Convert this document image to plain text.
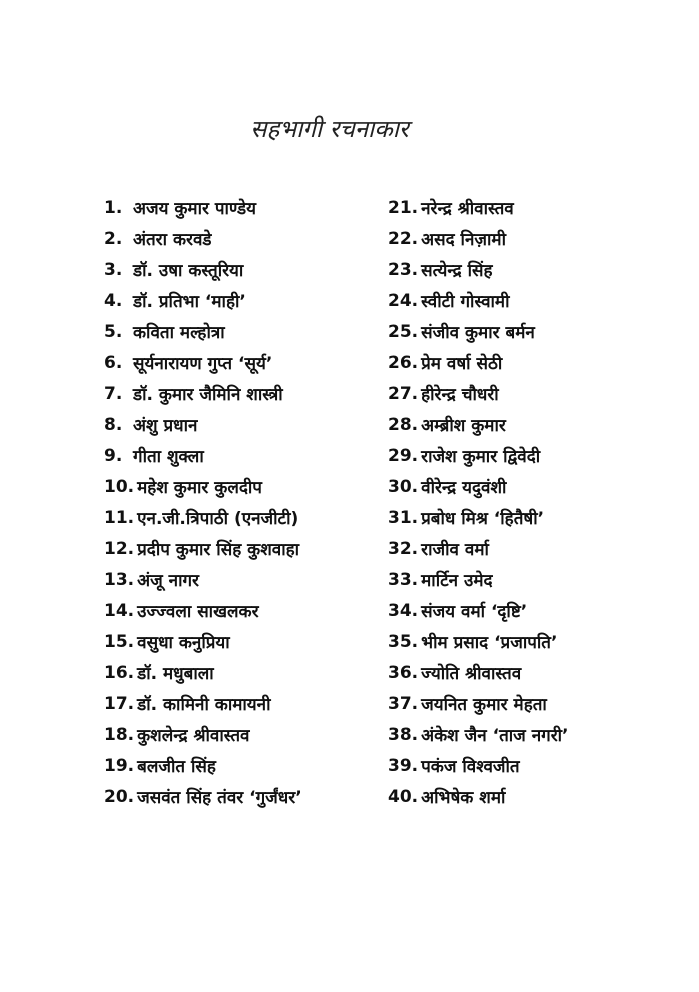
सहभागी रचनाकार
1. अजय कुमार पाण्डेय
2. अंतरा करवडे
3. डॉ. उषा कस्तूरिया
4. डॉ. प्रतिभा ‘माही’
5. कविता मल्होत्रा
6. सूर्यनारायण गुप्त ‘सूर्य’
7. डॉ. कुमार जैमिनि शास्त्री
8. अंशु प्रधान
9. गीता शुक्ला
10. महेश कुमार कुलदीप
11. एन.जी.त्रिपाठी (एनजीटी)
12. प्रदीप कुमार सिंह कुशवाहा
13. अंजू नागर
14. उज्ज्वला साखलकर
15. वसुधा कनुप्रिया
16. डॉ. मधुबाला
17. डॉ. कामिनी कामायनी
18. कुशलेन्द्र श्रीवास्तव
19. बलजीत सिंह
20. जसवंत सिंह तंवर ‘गुर्जंधर’
21. नरेन्द्र श्रीवास्तव
22. असद निज़ामी
23. सत्येन्द्र सिंह
24. स्वीटी गोस्वामी
25. संजीव कुमार बर्मन
26. प्रेम वर्षा सेठी
27. हीरेन्द्र चौधरी
28. अम्ब्रीश कुमार
29. राजेश कुमार द्विवेदी
30. वीरेन्द्र यदुवंशी
31. प्रबोध मिश्र ‘हितैषी’
32. राजीव वर्मा
33. मार्टिन उमेद
34. संजय वर्मा ‘दृष्टि’
35. भीम प्रसाद ‘प्रजापति’
36. ज्योति श्रीवास्तव
37. जयनित कुमार मेहता
38. अंकेश जैन ‘ताज नगरी’
39. पकंज विश्वजीत
40. अभिषेक शर्मा
